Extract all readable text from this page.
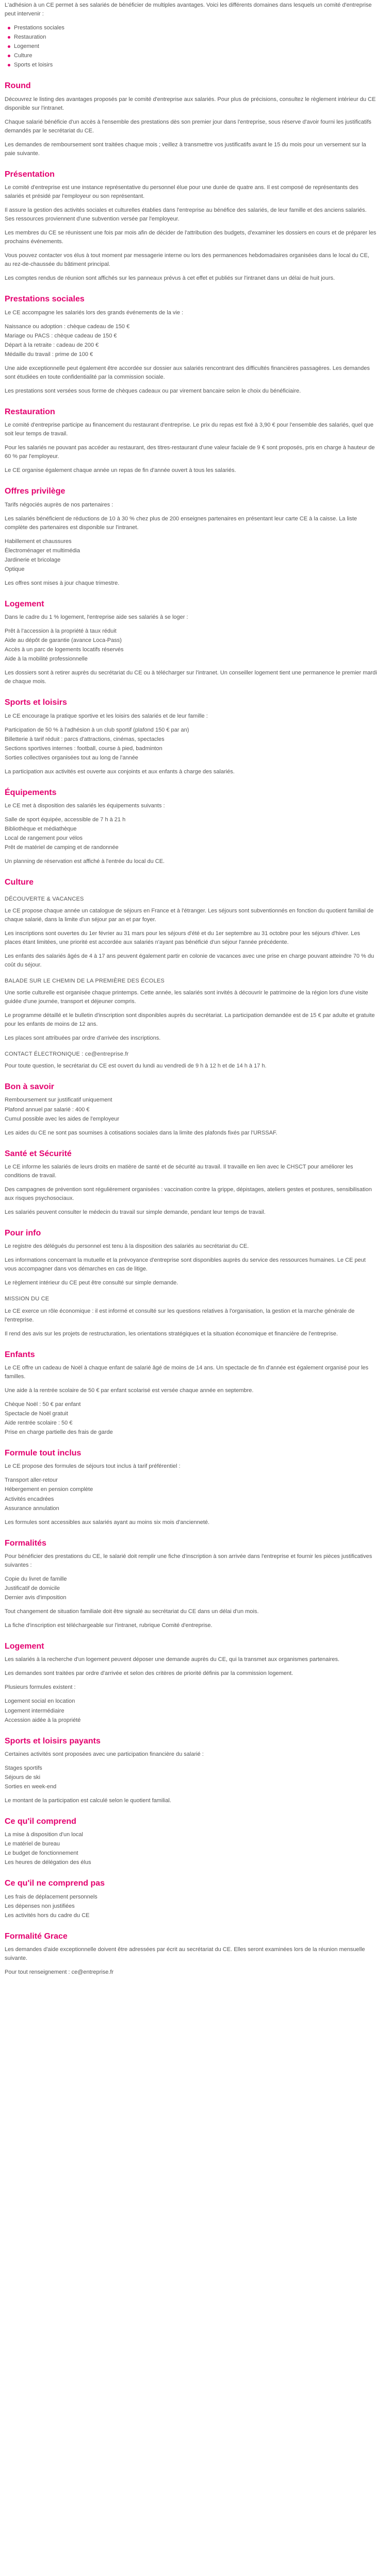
L'adhésion à un CE permet à ses salariés de bénéficier de multiples avantages. Voici les différents domaines dans lesquels un comité d'entreprise peut intervenir :

Prestations sociales
Restauration
Logement
Culture
Sports et loisirs
Round

Découvrez le listing des avantages proposés par le comité d'entreprise aux salariés. Pour plus de précisions, consultez le règlement intérieur du CE disponible sur l'intranet.

Chaque salarié bénéficie d'un accès à l'ensemble des prestations dès son premier jour dans l'entreprise, sous réserve d'avoir fourni les justificatifs demandés par le secrétariat du CE.

Les demandes de remboursement sont traitées chaque mois ; veillez à transmettre vos justificatifs avant le 15 du mois pour un versement sur la paie suivante.

Présentation

Le comité d'entreprise est une instance représentative du personnel élue pour une durée de quatre ans. Il est composé de représentants des salariés et présidé par l'employeur ou son représentant.

Il assure la gestion des activités sociales et culturelles établies dans l'entreprise au bénéfice des salariés, de leur famille et des anciens salariés. Ses ressources proviennent d'une subvention versée par l'employeur.

Les membres du CE se réunissent une fois par mois afin de décider de l'attribution des budgets, d'examiner les dossiers en cours et de préparer les prochains événements.

Vous pouvez contacter vos élus à tout moment par messagerie interne ou lors des permanences hebdomadaires organisées dans le local du CE, au rez-de-chaussée du bâtiment principal.

Les comptes rendus de réunion sont affichés sur les panneaux prévus à cet effet et publiés sur l'intranet dans un délai de huit jours.

Prestations sociales

Le CE accompagne les salariés lors des grands événements de la vie :

Naissance ou adoption : chèque cadeau de 150 €
Mariage ou PACS : chèque cadeau de 150 €
Départ à la retraite : cadeau de 200 €
Médaille du travail : prime de 100 €

Une aide exceptionnelle peut également être accordée sur dossier aux salariés rencontrant des difficultés financières passagères. Les demandes sont étudiées en toute confidentialité par la commission sociale.

Les prestations sont versées sous forme de chèques cadeaux ou par virement bancaire selon le choix du bénéficiaire.

Restauration

Le comité d'entreprise participe au financement du restaurant d'entreprise. Le prix du repas est fixé à 3,90 € pour l'ensemble des salariés, quel que soit leur temps de travail.

Pour les salariés ne pouvant pas accéder au restaurant, des titres-restaurant d'une valeur faciale de 9 € sont proposés, pris en charge à hauteur de 60 % par l'employeur.

Le CE organise également chaque année un repas de fin d'année ouvert à tous les salariés.

Offres privilège

Tarifs négociés auprès de nos partenaires :

Les salariés bénéficient de réductions de 10 à 30 % chez plus de 200 enseignes partenaires en présentant leur carte CE à la caisse. La liste complète des partenaires est disponible sur l'intranet.

Habillement et chaussures
Électroménager et multimédia
Jardinerie et bricolage
Optique

Les offres sont mises à jour chaque trimestre.

Logement

Dans le cadre du 1 % logement, l'entreprise aide ses salariés à se loger :

Prêt à l'accession à la propriété à taux réduit
Aide au dépôt de garantie (avance Loca-Pass)
Accès à un parc de logements locatifs réservés
Aide à la mobilité professionnelle

Les dossiers sont à retirer auprès du secrétariat du CE ou à télécharger sur l'intranet. Un conseiller logement tient une permanence le premier mardi de chaque mois.

Sports et loisirs

Le CE encourage la pratique sportive et les loisirs des salariés et de leur famille :

Participation de 50 % à l'adhésion à un club sportif (plafond 150 € par an)
Billetterie à tarif réduit : parcs d'attractions, cinémas, spectacles
Sections sportives internes : football, course à pied, badminton
Sorties collectives organisées tout au long de l'année

La participation aux activités est ouverte aux conjoints et aux enfants à charge des salariés.

Équipements

Le CE met à disposition des salariés les équipements suivants :

Salle de sport équipée, accessible de 7 h à 21 h
Bibliothèque et médiathèque
Local de rangement pour vélos
Prêt de matériel de camping et de randonnée

Un planning de réservation est affiché à l'entrée du local du CE.

Culture

DÉCOUVERTE & VACANCES

Le CE propose chaque année un catalogue de séjours en France et à l'étranger. Les séjours sont subventionnés en fonction du quotient familial de chaque salarié, dans la limite d'un séjour par an et par foyer.

Les inscriptions sont ouvertes du 1er février au 31 mars pour les séjours d'été et du 1er septembre au 31 octobre pour les séjours d'hiver. Les places étant limitées, une priorité est accordée aux salariés n'ayant pas bénéficié d'un séjour l'année précédente.

Les enfants des salariés âgés de 4 à 17 ans peuvent également partir en colonie de vacances avec une prise en charge pouvant atteindre 70 % du coût du séjour.

BALADE SUR LE CHEMIN DE LA PREMIÈRE DES ÉCOLES

Une sortie culturelle est organisée chaque printemps. Cette année, les salariés sont invités à découvrir le patrimoine de la région lors d'une visite guidée d'une journée, transport et déjeuner compris.

Le programme détaillé et le bulletin d'inscription sont disponibles auprès du secrétariat. La participation demandée est de 15 € par adulte et gratuite pour les enfants de moins de 12 ans.

Les places sont attribuées par ordre d'arrivée des inscriptions.

CONTACT ÉLECTRONIQUE : ce@entreprise.fr

Pour toute question, le secrétariat du CE est ouvert du lundi au vendredi de 9 h à 12 h et de 14 h à 17 h.

Bon à savoir
Remboursement sur justificatif uniquement
Plafond annuel par salarié : 400 €
Cumul possible avec les aides de l'employeur

Les aides du CE ne sont pas soumises à cotisations sociales dans la limite des plafonds fixés par l'URSSAF.

Santé et Sécurité

Le CE informe les salariés de leurs droits en matière de santé et de sécurité au travail. Il travaille en lien avec le CHSCT pour améliorer les conditions de travail.

Des campagnes de prévention sont régulièrement organisées : vaccination contre la grippe, dépistages, ateliers gestes et postures, sensibilisation aux risques psychosociaux.

Les salariés peuvent consulter le médecin du travail sur simple demande, pendant leur temps de travail.

Pour info

Le registre des délégués du personnel est tenu à la disposition des salariés au secrétariat du CE.

Les informations concernant la mutuelle et la prévoyance d'entreprise sont disponibles auprès du service des ressources humaines. Le CE peut vous accompagner dans vos démarches en cas de litige.

Le règlement intérieur du CE peut être consulté sur simple demande.

MISSION DU CE

Le CE exerce un rôle économique : il est informé et consulté sur les questions relatives à l'organisation, la gestion et la marche générale de l'entreprise.

Il rend des avis sur les projets de restructuration, les orientations stratégiques et la situation économique et financière de l'entreprise.

Enfants

Le CE offre un cadeau de Noël à chaque enfant de salarié âgé de moins de 14 ans. Un spectacle de fin d'année est également organisé pour les familles.

Une aide à la rentrée scolaire de 50 € par enfant scolarisé est versée chaque année en septembre.

Chèque Noël : 50 € par enfant
Spectacle de Noël gratuit
Aide rentrée scolaire : 50 €
Prise en charge partielle des frais de garde
Formule tout inclus

Le CE propose des formules de séjours tout inclus à tarif préférentiel :

Transport aller-retour
Hébergement en pension complète
Activités encadrées
Assurance annulation

Les formules sont accessibles aux salariés ayant au moins six mois d'ancienneté.

Formalités

Pour bénéficier des prestations du CE, le salarié doit remplir une fiche d'inscription à son arrivée dans l'entreprise et fournir les pièces justificatives suivantes :

Copie du livret de famille
Justificatif de domicile
Dernier avis d'imposition

Tout changement de situation familiale doit être signalé au secrétariat du CE dans un délai d'un mois.

La fiche d'inscription est téléchargeable sur l'intranet, rubrique Comité d'entreprise.

Logement

Les salariés à la recherche d'un logement peuvent déposer une demande auprès du CE, qui la transmet aux organismes partenaires.

Les demandes sont traitées par ordre d'arrivée et selon des critères de priorité définis par la commission logement.

Plusieurs formules existent :

Logement social en location
Logement intermédiaire
Accession aidée à la propriété
Sports et loisirs payants

Certaines activités sont proposées avec une participation financière du salarié :

Stages sportifs
Séjours de ski
Sorties en week-end

Le montant de la participation est calculé selon le quotient familial.

Ce qu'il comprend
La mise à disposition d'un local
Le matériel de bureau
Le budget de fonctionnement
Les heures de délégation des élus
Ce qu'il ne comprend pas
Les frais de déplacement personnels
Les dépenses non justifiées
Les activités hors du cadre du CE
Formalité Grace

Les demandes d'aide exceptionnelle doivent être adressées par écrit au secrétariat du CE. Elles seront examinées lors de la réunion mensuelle suivante.

Pour tout renseignement : ce@entreprise.fr
